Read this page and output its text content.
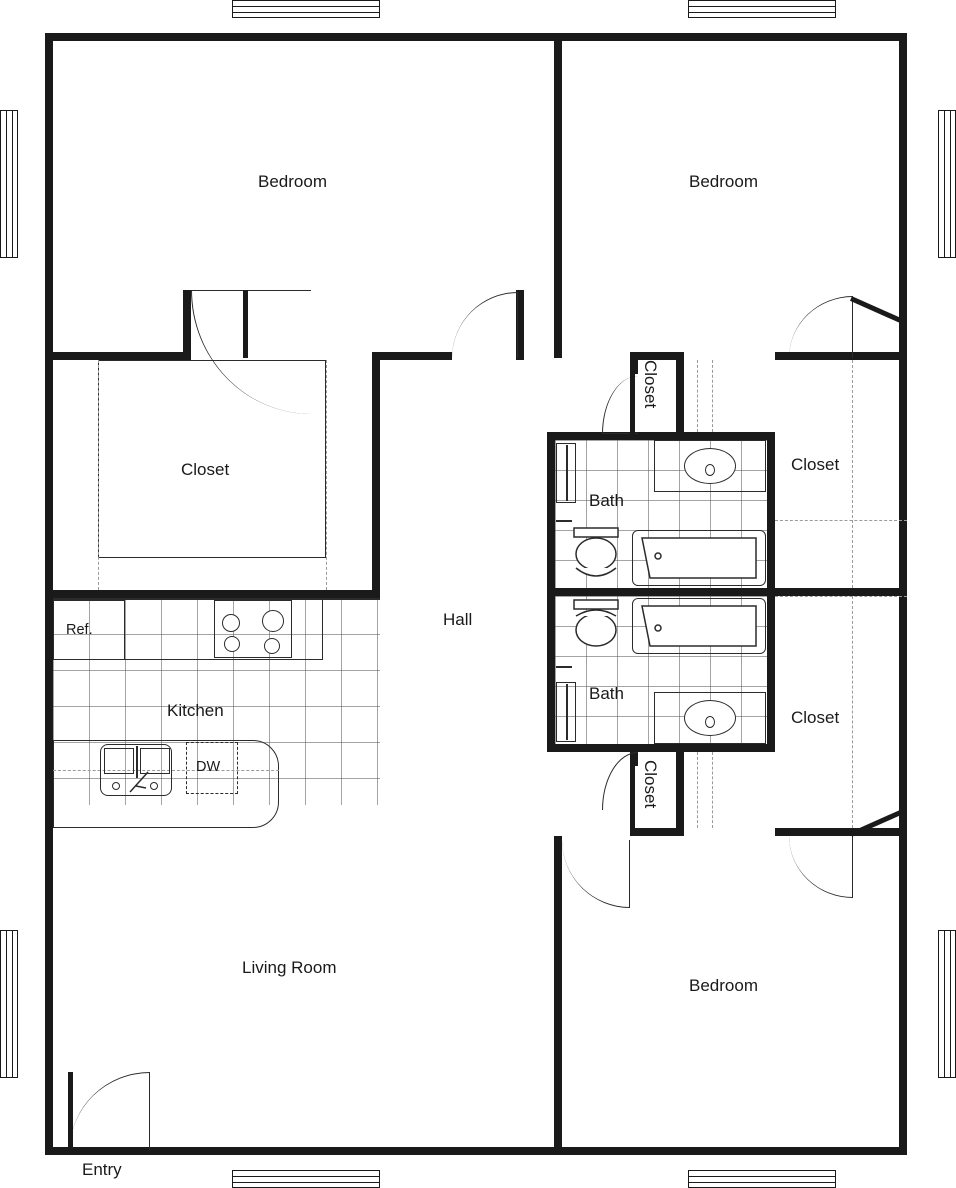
Ref.
DW
Kitchen
Bath
Bath
Bedroom	Bedroom
Bedroom
Closet	Closet
Closet
Hall
Living Room
Entry
Closet
Closet
